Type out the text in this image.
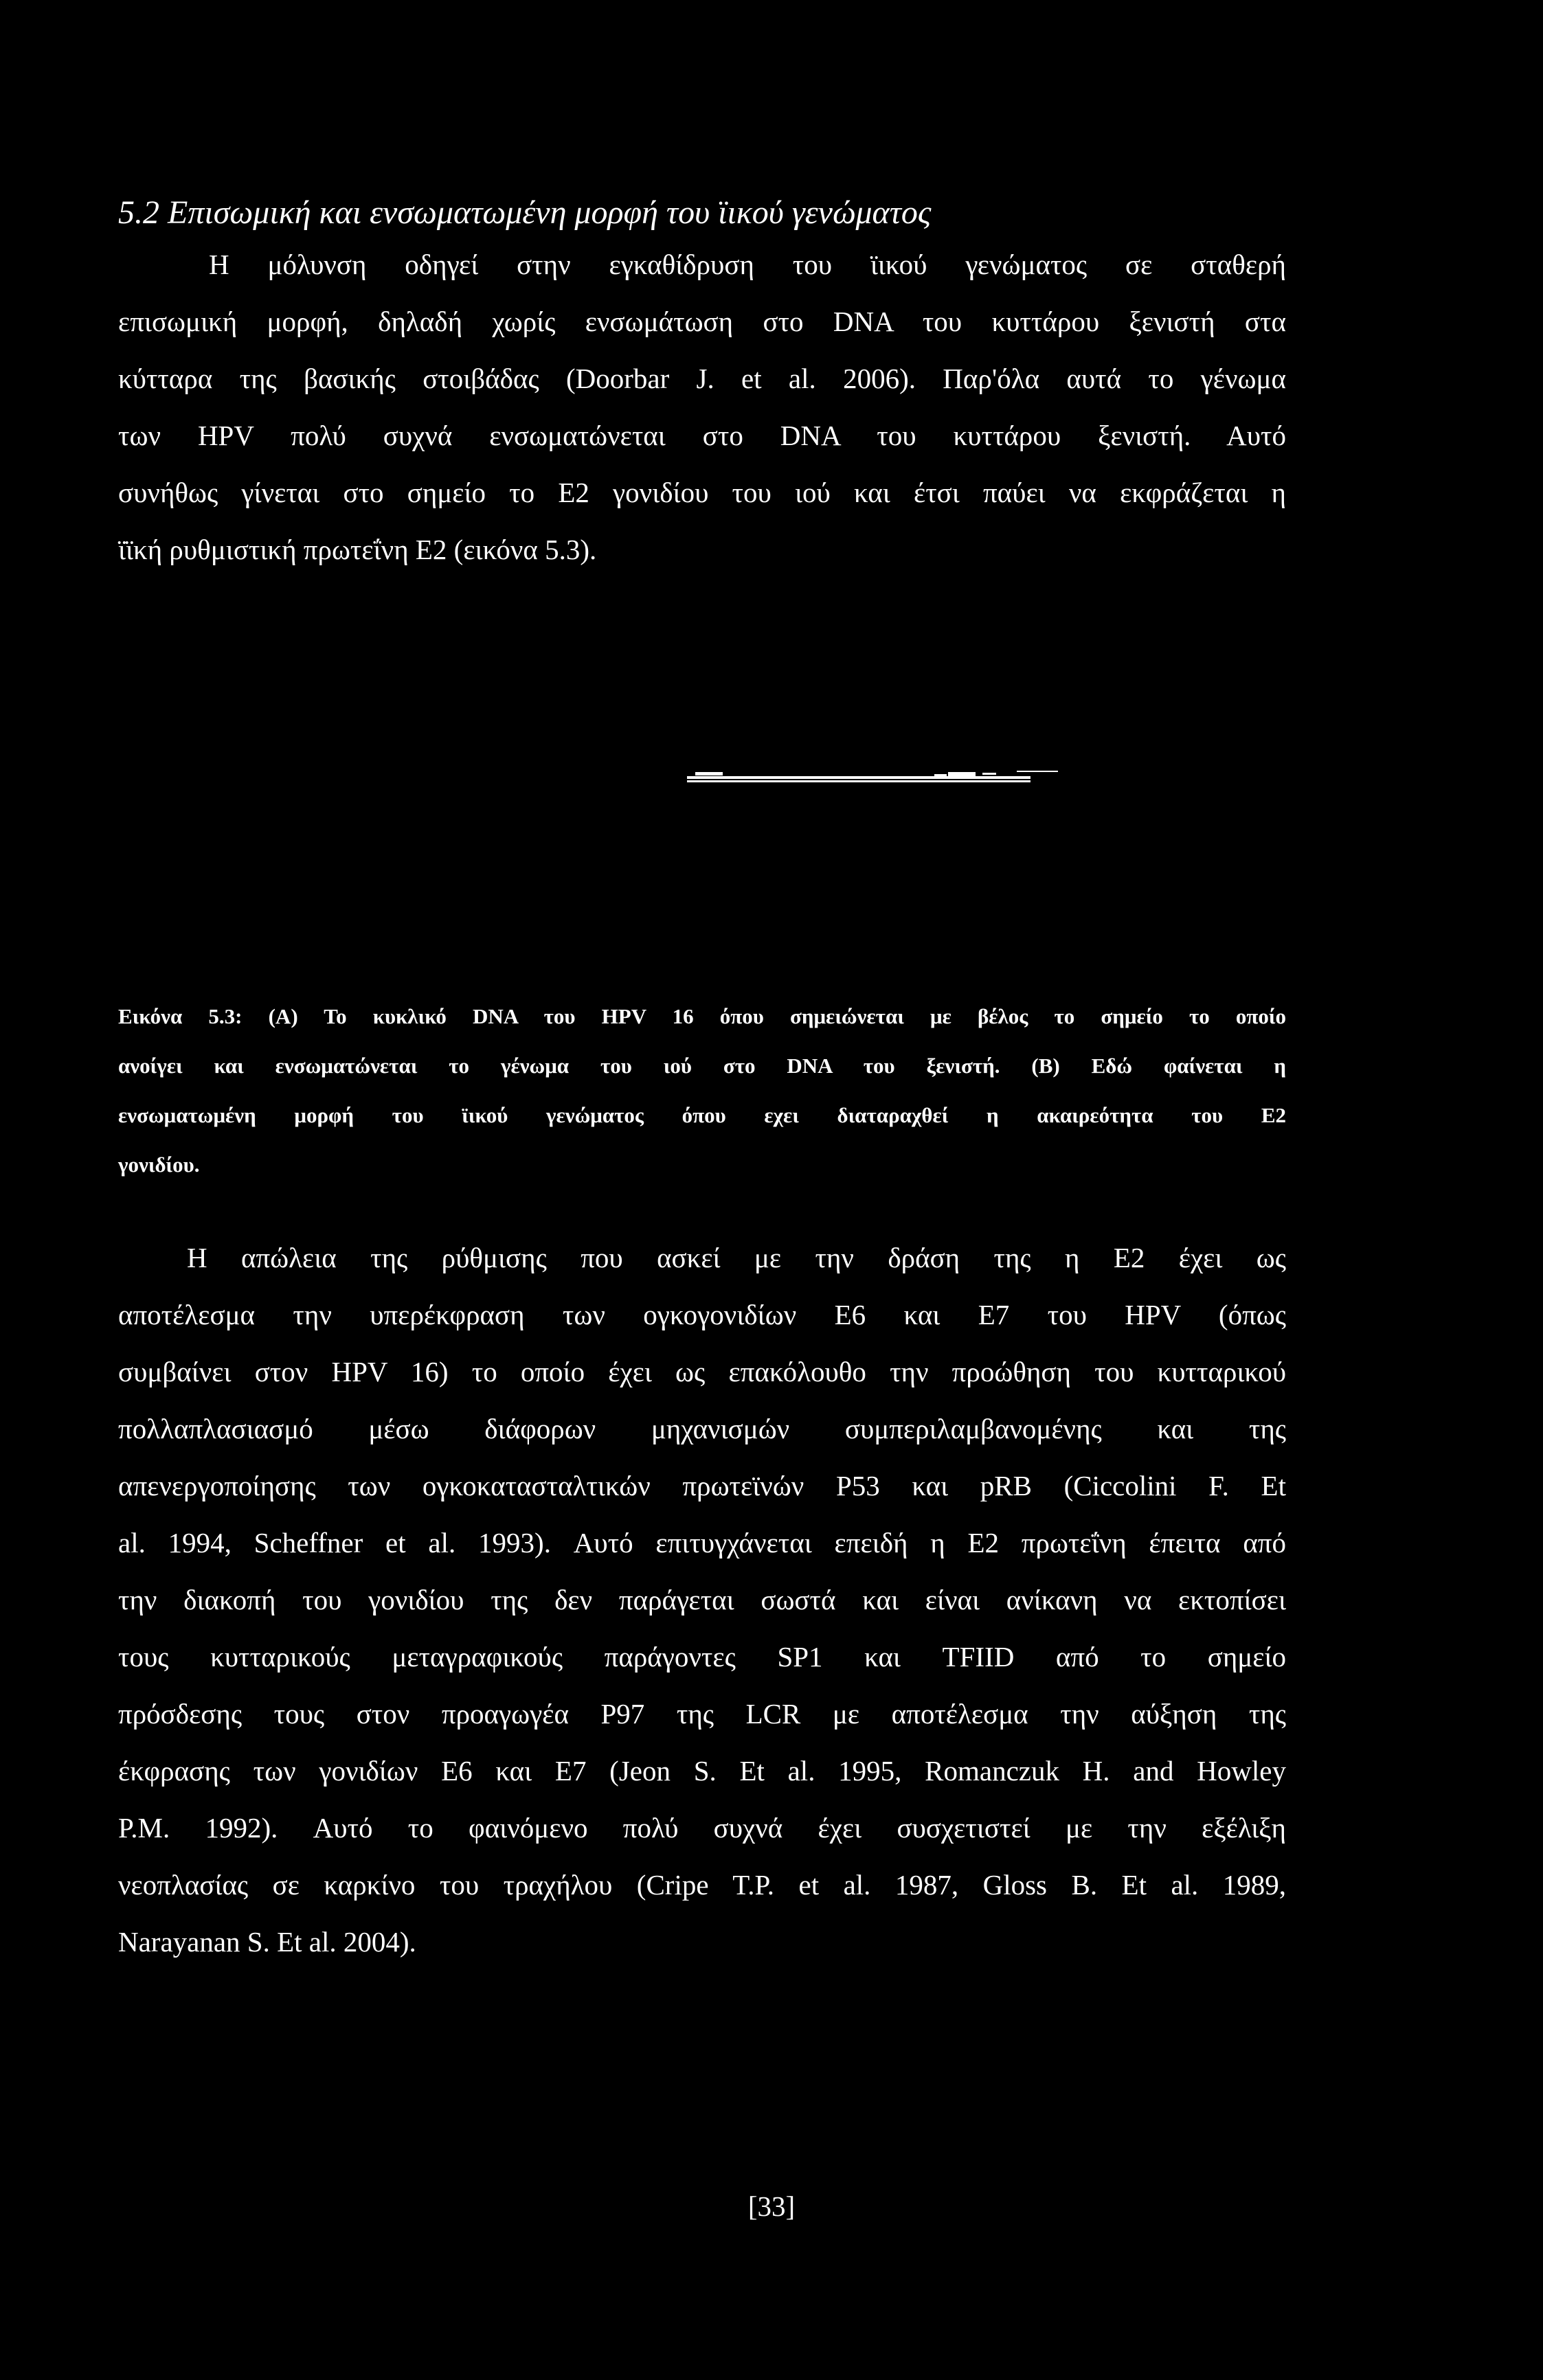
5.2 Επισωμική και ενσωματωμένη μορφή του ϊικού γενώματος
Η μόλυνση οδηγεί στην εγκαθίδρυση του ϊικού γενώματος σε σταθερή
επισωμική μορφή, δηλαδή χωρίς ενσωμάτωση στο DNA του κυττάρου ξενιστή στα
κύτταρα της βασικής στοιβάδας (Doorbar J. et al. 2006). Παρ'όλα αυτά το γένωμα
των HPV πολύ συχνά ενσωματώνεται στο DNA του κυττάρου ξενιστή. Αυτό
συνήθως γίνεται στο σημείο το E2 γονιδίου του ιού και έτσι παύει να εκφράζεται η
ϊϊκή ρυθμιστική πρωτεΐνη E2 (εικόνα 5.3).
Εικόνα 5.3: (Α) Το κυκλικό DNA του HPV 16 όπου σημειώνεται με βέλος το σημείο το οποίο
ανοίγει και ενσωματώνεται το γένωμα του ιού στο DNA του ξενιστή. (Β) Εδώ φαίνεται η
ενσωματωμένη μορφή του ϊικού γενώματος όπου εχει διαταραχθεί η ακαιρεότητα του E2
γονιδίου.
Η απώλεια της ρύθμισης που ασκεί με την δράση της η E2 έχει ως
αποτέλεσμα την υπερέκφραση των ογκογονιδίων E6 και E7 του HPV (όπως
συμβαίνει στον HPV 16) το οποίο έχει ως επακόλουθο την προώθηση του κυτταρικού
πολλαπλασιασμό μέσω διάφορων μηχανισμών συμπεριλαμβανομένης και της
απενεργοποίησης των ογκοκατασταλτικών πρωτεϊνών P53 και pRB (Ciccolini F. Et
al. 1994, Scheffner et al. 1993). Αυτό επιτυγχάνεται επειδή η E2 πρωτεΐνη έπειτα από
την διακοπή του γονιδίου της δεν παράγεται σωστά και είναι ανίκανη να εκτοπίσει
τους κυτταρικούς μεταγραφικούς παράγοντες SP1 και TFIID από το σημείο
πρόσδεσης τους στον προαγωγέα P97 της LCR με αποτέλεσμα την αύξηση της
έκφρασης των γονιδίων E6 και E7 (Jeon S. Et al. 1995, Romanczuk H. and Howley
P.M. 1992). Αυτό το φαινόμενο πολύ συχνά έχει συσχετιστεί με την εξέλιξη
νεοπλασίας σε καρκίνο του τραχήλου (Cripe T.P. et al. 1987, Gloss B. Et al. 1989,
Narayanan S. Et al. 2004).
[33]
